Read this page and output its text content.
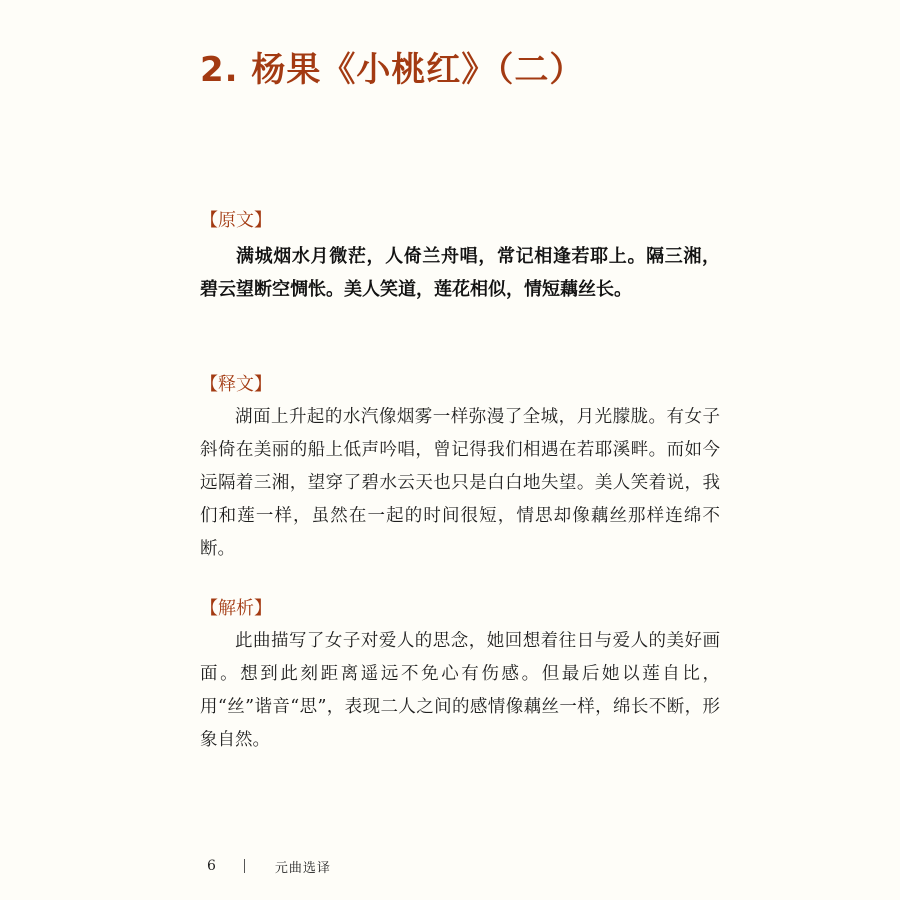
2. 杨果《小桃红》（二）
【原文】

满城烟水月微茫，人倚兰舟唱，常记相逢若耶上。隔三湘，碧云望断空惆怅。美人笑道，莲花相似，情短藕丝长。

【释文】

湖面上升起的水汽像烟雾一样弥漫了全城，月光朦胧。有女子斜倚在美丽的船上低声吟唱，曾记得我们相遇在若耶溪畔。而如今远隔着三湘，望穿了碧水云天也只是白白地失望。美人笑着说，我们和莲一样，虽然在一起的时间很短，情思却像藕丝那样连绵不断。

【解析】

此曲描写了女子对爱人的思念，她回想着往日与爱人的美好画面。想到此刻距离遥远不免心有伤感。但最后她以莲自比，用“丝”谐音“思”，表现二人之间的感情像藕丝一样，绵长不断，形象自然。

6	元曲选译
